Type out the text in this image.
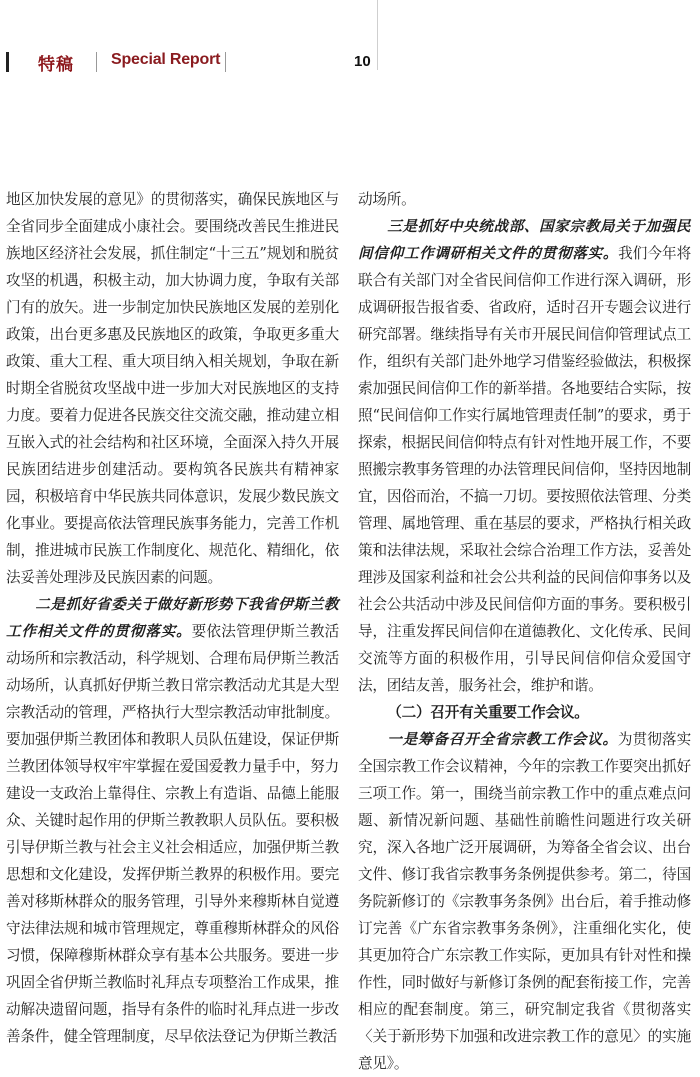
特稿 Special Report	10

地区加快发展的意见》的贯彻落实，确保民族地区与全省同步全面建成小康社会。要围绕改善民生推进民族地区经济社会发展，抓住制定“十三五”规划和脱贫攻坚的机遇，积极主动，加大协调力度，争取有关部门有的放矢。进一步制定加快民族地区发展的差别化政策，出台更多惠及民族地区的政策，争取更多重大政策、重大工程、重大项目纳入相关规划，争取在新时期全省脱贫攻坚战中进一步加大对民族地区的支持力度。要着力促进各民族交往交流交融，推动建立相互嵌入式的社会结构和社区环境，全面深入持久开展民族团结进步创建活动。要构筑各民族共有精神家园，积极培育中华民族共同体意识，发展少数民族文化事业。要提高依法管理民族事务能力，完善工作机制，推进城市民族工作制度化、规范化、精细化，依法妥善处理涉及民族因素的问题。

二是抓好省委关于做好新形势下我省伊斯兰教工作相关文件的贯彻落实。要依法管理伊斯兰教活动场所和宗教活动，科学规划、合理布局伊斯兰教活动场所，认真抓好伊斯兰教日常宗教活动尤其是大型宗教活动的管理，严格执行大型宗教活动审批制度。要加强伊斯兰教团体和教职人员队伍建设，保证伊斯兰教团体领导权牢牢掌握在爱国爱教力量手中，努力建设一支政治上靠得住、宗教上有造诣、品德上能服众、关键时起作用的伊斯兰教教职人员队伍。要积极引导伊斯兰教与社会主义社会相适应，加强伊斯兰教思想和文化建设，发挥伊斯兰教界的积极作用。要完善对移斯林群众的服务管理，引导外来穆斯林自觉遵守法律法规和城市管理规定，尊重穆斯林群众的风俗习惯，保障穆斯林群众享有基本公共服务。要进一步巩固全省伊斯兰教临时礼拜点专项整治工作成果，推动解决遗留问题，指导有条件的临时礼拜点进一步改善条件，健全管理制度，尽早依法登记为伊斯兰教活

动场所。

三是抓好中央统战部、国家宗教局关于加强民间信仰工作调研相关文件的贯彻落实。我们今年将联合有关部门对全省民间信仰工作进行深入调研，形成调研报告报省委、省政府，适时召开专题会议进行研究部署。继续指导有关市开展民间信仰管理试点工作，组织有关部门赴外地学习借鉴经验做法，积极探索加强民间信仰工作的新举措。各地要结合实际，按照“民间信仰工作实行属地管理责任制”的要求，勇于探索，根据民间信仰特点有针对性地开展工作，不要照搬宗教事务管理的办法管理民间信仰，坚持因地制宜，因俗而治，不搞一刀切。要按照依法管理、分类管理、属地管理、重在基层的要求，严格执行相关政策和法律法规，采取社会综合治理工作方法，妥善处理涉及国家利益和社会公共利益的民间信仰事务以及社会公共活动中涉及民间信仰方面的事务。要积极引导，注重发挥民间信仰在道德教化、文化传承、民间交流等方面的积极作用，引导民间信仰信众爱国守法，团结友善，服务社会，维护和谐。

（二）召开有关重要工作会议。

一是筹备召开全省宗教工作会议。为贯彻落实全国宗教工作会议精神，今年的宗教工作要突出抓好三项工作。第一，围绕当前宗教工作中的重点难点问题、新情况新问题、基础性前瞻性问题进行攻关研究，深入各地广泛开展调研，为筹备全省会议、出台文件、修订我省宗教事务条例提供参考。第二，待国务院新修订的《宗教事务条例》出台后，着手推动修订完善《广东省宗教事务条例》，注重细化实化，使其更加符合广东宗教工作实际，更加具有针对性和操作性，同时做好与新修订条例的配套衔接工作，完善相应的配套制度。第三，研究制定我省《贯彻落实〈关于新形势下加强和改进宗教工作的意见〉的实施意见》。
